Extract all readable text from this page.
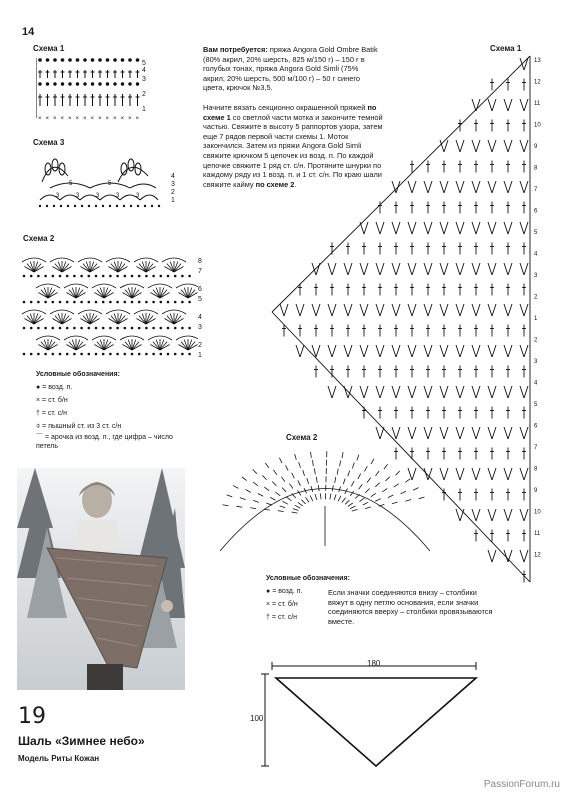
14
Схема 1
× × × × × × × × × × × × × ×
5
4
3
2
1
Схема 3
3	3	3	3	3
5	5
4
3
2
1
Схема 2
8
7
6
5
4
3
2
1
Условные обозначения:
● = возд. п.
× = ст. б/н
† = ст. с/н
⌽ = пышный ст. из 3 ст. с/н
⌒ = арочка из возд. п., где цифра – число петель
Вам потребуется: пряжа Angora Gold Ombre Batik (80% акрил, 20% шерсть, 825 м/150 г) – 150 г в голубых тонах, пряжа Angora Gold Simli (75% акрил, 20% шерсть, 500 м/100 г) – 50 г синего цвета, крючок №3,5.
Начните вязать секционно окрашенной пряжей по схеме 1 со светлой части мотка и закончите темной частью. Свяжите в высоту 5 раппортов узора, затем еще 7 рядов первой части схемы 1. Моток закончился. Затем из пряжи Angora Gold Simli свяжите крючком 5 цепочек из возд. п. По каждой цепочке свяжите 1 ряд ст. с/н. Протяните шнурки по каждому ряду из 1 возд. п. и 1 ст. с/н. По краю шали свяжите кайму по схеме 2.
Схема 1
13
12
11
10
9
8
7
6
5
4
3
2
1
2
3
4
5
6
7
8
9
10
11
12
Схема 2
Условные обозначения:
● = возд. п.
× = ст. б/н
† = ст. с/н
Если значки соединяются внизу – столбики вяжут в одну петлю основания, если значки соединяются вверху – столбики провязываются вместе.
180
100
19
Шаль «Зимнее небо»
Модель Риты Кожан
PassionForum.ru
